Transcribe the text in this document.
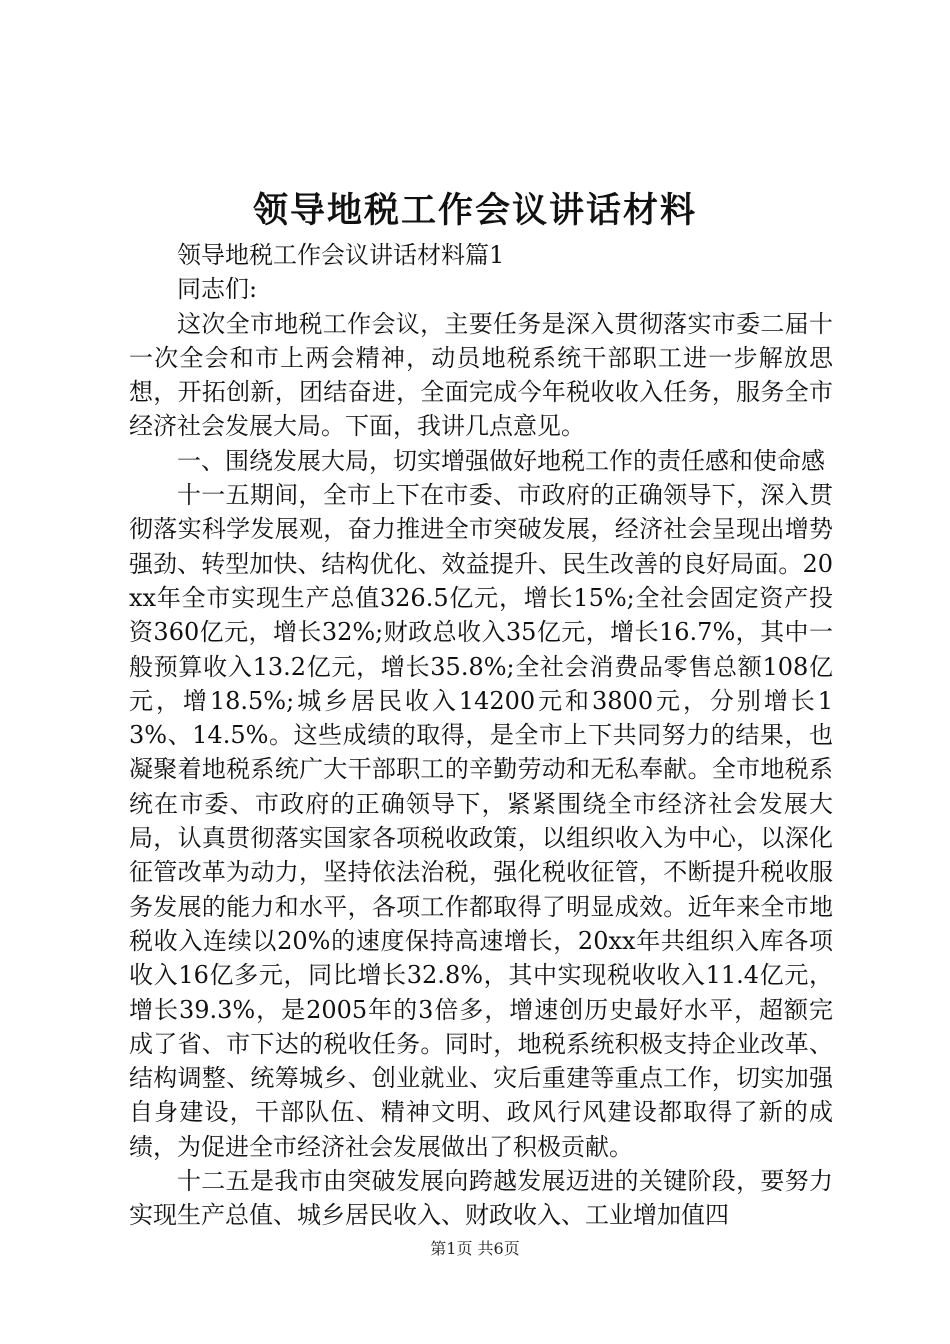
领导地税工作会议讲话材料

领导地税工作会议讲话材料篇1

同志们:

这次全市地税工作会议，主要任务是深入贯彻落实市委二届十一次全会和市上两会精神，动员地税系统干部职工进一步解放思想，开拓创新，团结奋进，全面完成今年税收收入任务，服务全市经济社会发展大局。下面，我讲几点意见。

一、围绕发展大局，切实增强做好地税工作的责任感和使命感

十一五期间，全市上下在市委、市政府的正确领导下，深入贯彻落实科学发展观，奋力推进全市突破发展，经济社会呈现出增势强劲、转型加快、结构优化、效益提升、民生改善的良好局面。20xx年全市实现生产总值326.5亿元，增长15%;全社会固定资产投资360亿元，增长32%;财政总收入35亿元，增长16.7%，其中一般预算收入13.2亿元，增长35.8%;全社会消费品零售总额108亿元，增18.5%;城乡居民收入14200元和3800元，分别增长13%、14.5%。这些成绩的取得，是全市上下共同努力的结果，也凝聚着地税系统广大干部职工的辛勤劳动和无私奉献。全市地税系统在市委、市政府的正确领导下，紧紧围绕全市经济社会发展大局，认真贯彻落实国家各项税收政策，以组织收入为中心，以深化征管改革为动力，坚持依法治税，强化税收征管，不断提升税收服务发展的能力和水平，各项工作都取得了明显成效。近年来全市地税收入连续以20%的速度保持高速增长，20xx年共组织入库各项收入16亿多元，同比增长32.8%，其中实现税收收入11.4亿元，增长39.3%，是2005年的3倍多，增速创历史最好水平，超额完成了省、市下达的税收任务。同时，地税系统积极支持企业改革、结构调整、统筹城乡、创业就业、灾后重建等重点工作，切实加强自身建设，干部队伍、精神文明、政风行风建设都取得了新的成绩，为促进全市经济社会发展做出了积极贡献。

十二五是我市由突破发展向跨越发展迈进的关键阶段，要努力实现生产总值、城乡居民收入、财政收入、工业增加值四

第1页 共6页
